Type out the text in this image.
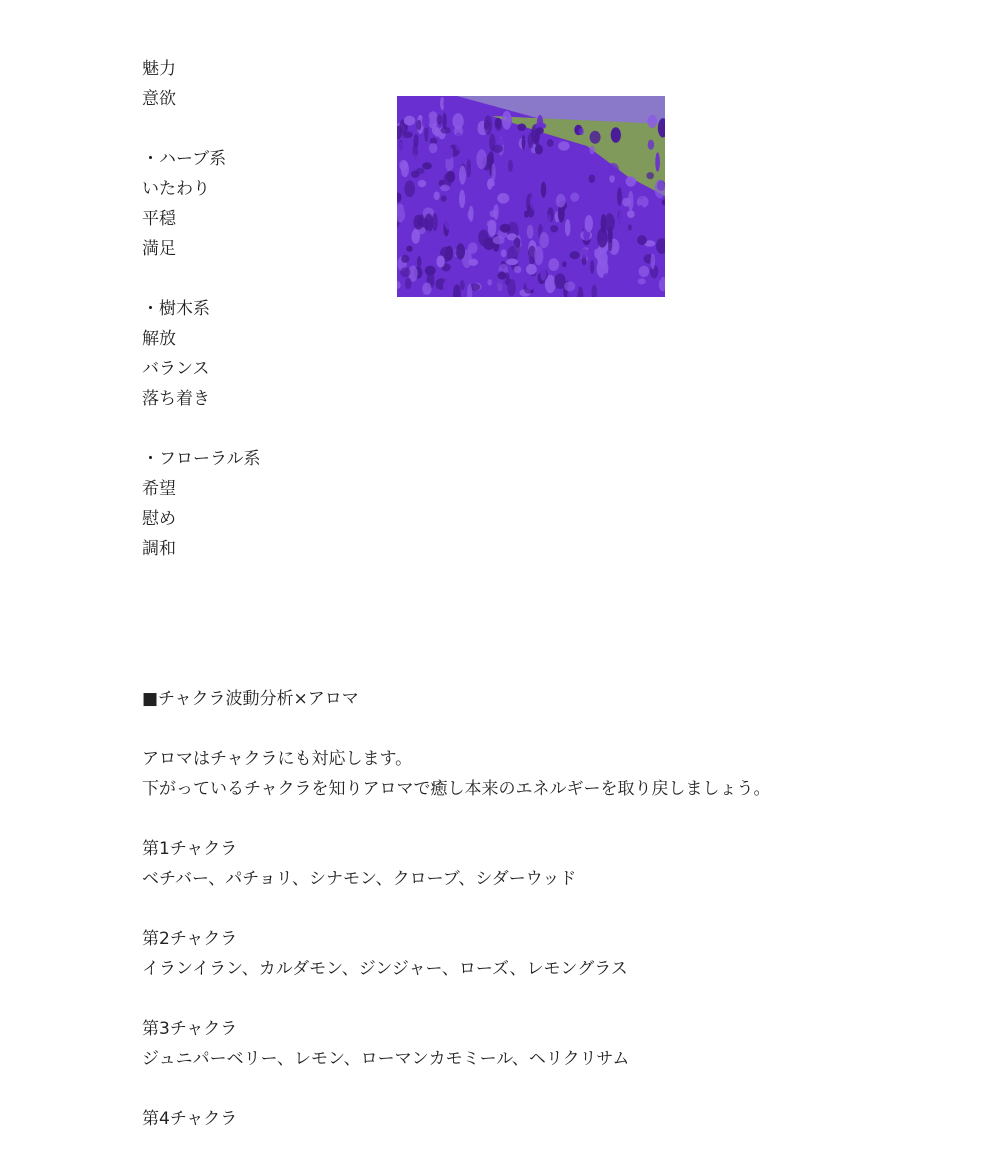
魅力
意欲
・ハーブ系
いたわり
平穏
満足
・樹木系
解放
バランス
落ち着き
・フローラル系
希望
慰め
調和
■チャクラ波動分析×アロマ
アロマはチャクラにも対応します。
下がっているチャクラを知りアロマで癒し本来のエネルギーを取り戻しましょう。
第1チャクラ
ベチバー、パチョリ、シナモン、クローブ、シダーウッド
第2チャクラ
イランイラン、カルダモン、ジンジャー、ローズ、レモングラス
第3チャクラ
ジュニパーベリー、レモン、ローマンカモミール、ヘリクリサム
第4チャクラ
